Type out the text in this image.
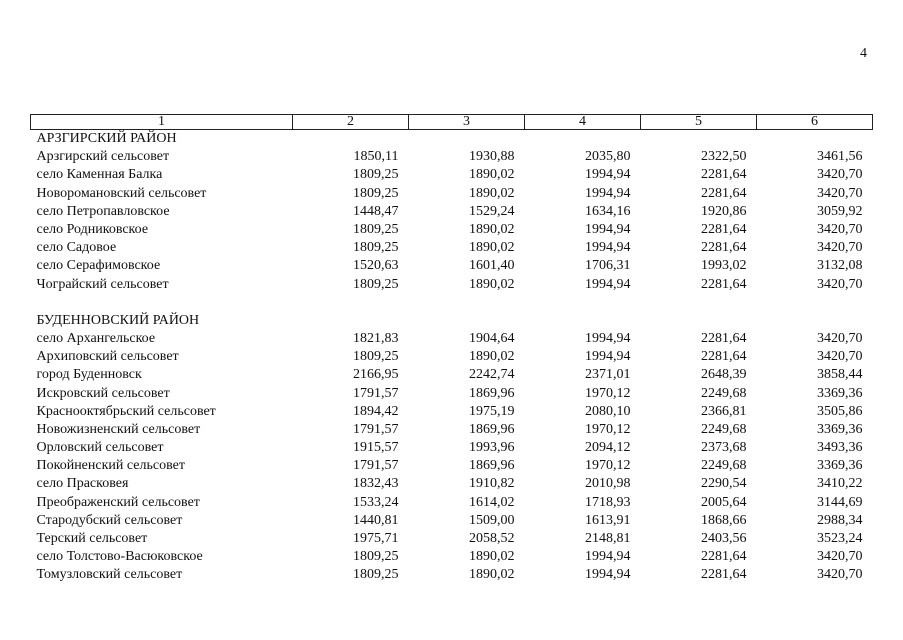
4
1	2	3	4	5	6
АРЗГИРСКИЙ РАЙОН					
Арзгирский сельсовет	1850,11	1930,88	2035,80	2322,50	3461,56
село Каменная Балка	1809,25	1890,02	1994,94	2281,64	3420,70
Новоромановский сельсовет	1809,25	1890,02	1994,94	2281,64	3420,70
село Петропавловское	1448,47	1529,24	1634,16	1920,86	3059,92
село Родниковское	1809,25	1890,02	1994,94	2281,64	3420,70
село Садовое	1809,25	1890,02	1994,94	2281,64	3420,70
село Серафимовское	1520,63	1601,40	1706,31	1993,02	3132,08
Чограйский сельсовет	1809,25	1890,02	1994,94	2281,64	3420,70

БУДЕННОВСКИЙ РАЙОН					
село Архангельское	1821,83	1904,64	1994,94	2281,64	3420,70
Архиповский сельсовет	1809,25	1890,02	1994,94	2281,64	3420,70
город Буденновск	2166,95	2242,74	2371,01	2648,39	3858,44
Искровский сельсовет	1791,57	1869,96	1970,12	2249,68	3369,36
Краснооктябрьский сельсовет	1894,42	1975,19	2080,10	2366,81	3505,86
Новожизненский сельсовет	1791,57	1869,96	1970,12	2249,68	3369,36
Орловский сельсовет	1915,57	1993,96	2094,12	2373,68	3493,36
Покойненский сельсовет	1791,57	1869,96	1970,12	2249,68	3369,36
село Прасковея	1832,43	1910,82	2010,98	2290,54	3410,22
Преображенский сельсовет	1533,24	1614,02	1718,93	2005,64	3144,69
Стародубский сельсовет	1440,81	1509,00	1613,91	1868,66	2988,34
Терский сельсовет	1975,71	2058,52	2148,81	2403,56	3523,24
село Толстово-Васюковское	1809,25	1890,02	1994,94	2281,64	3420,70
Томузловский сельсовет	1809,25	1890,02	1994,94	2281,64	3420,70
